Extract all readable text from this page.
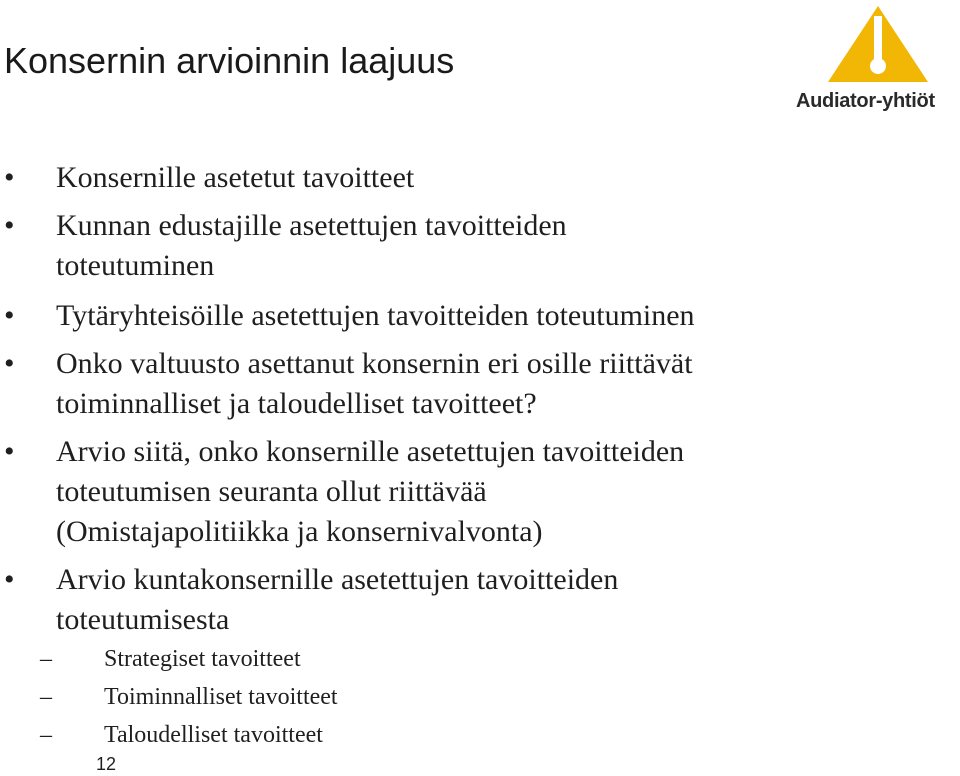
Konsernin arvioinnin laajuus
Audiator-yhtiöt
• Konsernille asetetut tavoitteet
• Kunnan edustajille asetettujen tavoitteiden
toteutuminen
• Tytäryhteisöille asetettujen tavoitteiden toteutuminen
• Onko valtuusto asettanut konsernin eri osille riittävät
toiminnalliset ja taloudelliset tavoitteet?
• Arvio siitä, onko konsernille asetettujen tavoitteiden
toteutumisen seuranta ollut riittävää
(Omistajapolitiikka ja konsernivalvonta)
• Arvio kuntakonsernille asetettujen tavoitteiden
toteutumisesta
– Strategiset tavoitteet
– Toiminnalliset tavoitteet
– Taloudelliset tavoitteet
12
